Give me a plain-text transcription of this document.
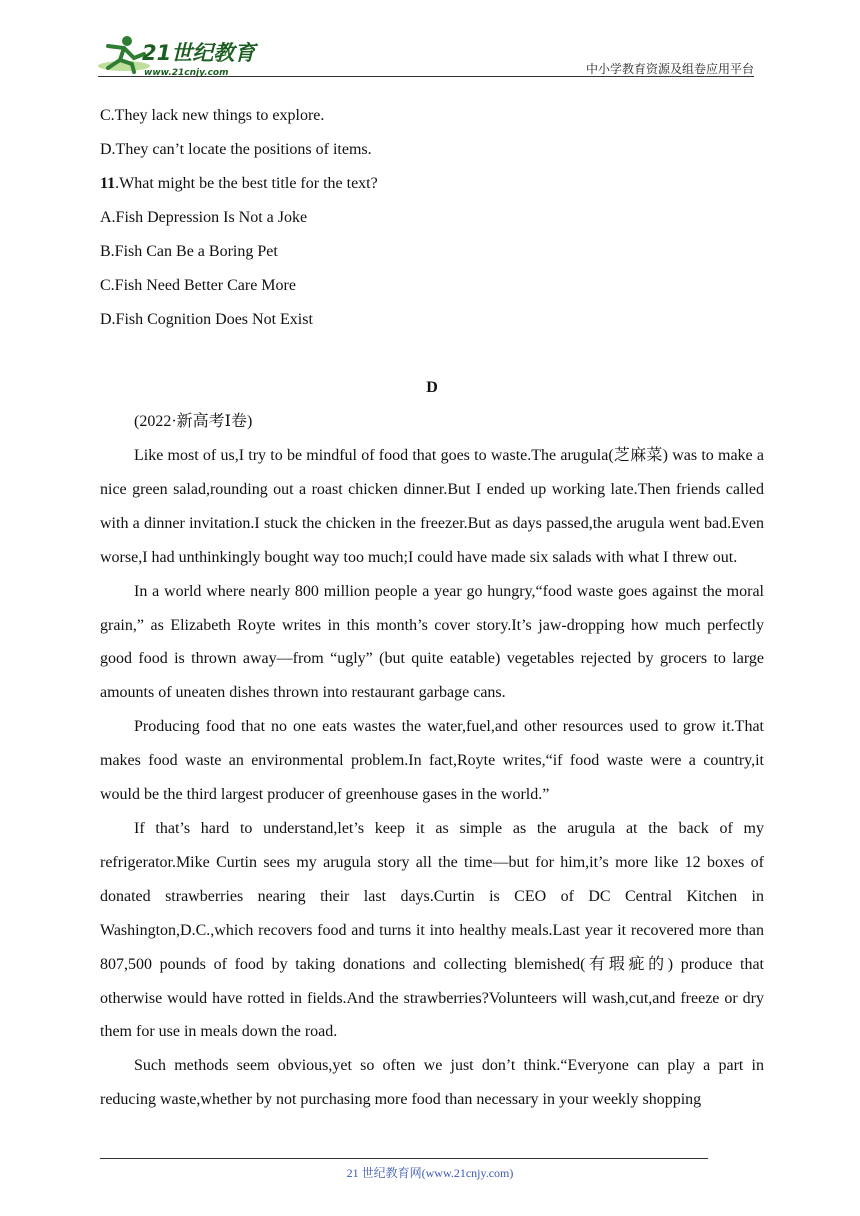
21世纪教育
www.21cnjy.com	中小学教育资源及组卷应用平台
C.They lack new things to explore.
D.They can’t locate the positions of items.
11.What might be the best title for the text?
A.Fish Depression Is Not a Joke
B.Fish Can Be a Boring Pet
C.Fish Need Better Care More
D.Fish Cognition Does Not Exist
D
(2022·新高考Ⅰ卷)

Like most of us,I try to be mindful of food that goes to waste.The arugula(芝麻菜) was to make a nice green salad,rounding out a roast chicken dinner.But I ended up working late.Then friends called with a dinner invitation.I stuck the chicken in the freezer.But as days passed,the arugula went bad.Even worse,I had unthinkingly bought way too much;I could have made six salads with what I threw out.

In a world where nearly 800 million people a year go hungry,“food waste goes against the moral grain,” as Elizabeth Royte writes in this month’s cover story.It’s jaw-dropping how much perfectly good food is thrown away—from “ugly” (but quite eatable) vegetables rejected by grocers to large amounts of uneaten dishes thrown into restaurant garbage cans.

Producing food that no one eats wastes the water,fuel,and other resources used to grow it.That makes food waste an environmental problem.In fact,Royte writes,“if food waste were a country,it would be the third largest producer of greenhouse gases in the world.”

If that’s hard to understand,let’s keep it as simple as the arugula at the back of my refrigerator.Mike Curtin sees my arugula story all the time—but for him,it’s more like 12 boxes of donated strawberries nearing their last days.Curtin is CEO of DC Central Kitchen in Washington,D.C.,which recovers food and turns it into healthy meals.Last year it recovered more than 807,500 pounds of food by taking donations and collecting blemished(有瑕疵的) produce that otherwise would have rotted in fields.And the strawberries?Volunteers will wash,cut,and freeze or dry them for use in meals down the road.

Such methods seem obvious,yet so often we just don’t think.“Everyone can play a part in reducing waste,whether by not purchasing more food than necessary in your weekly shopping

21 世纪教育网(www.21cnjy.com)
